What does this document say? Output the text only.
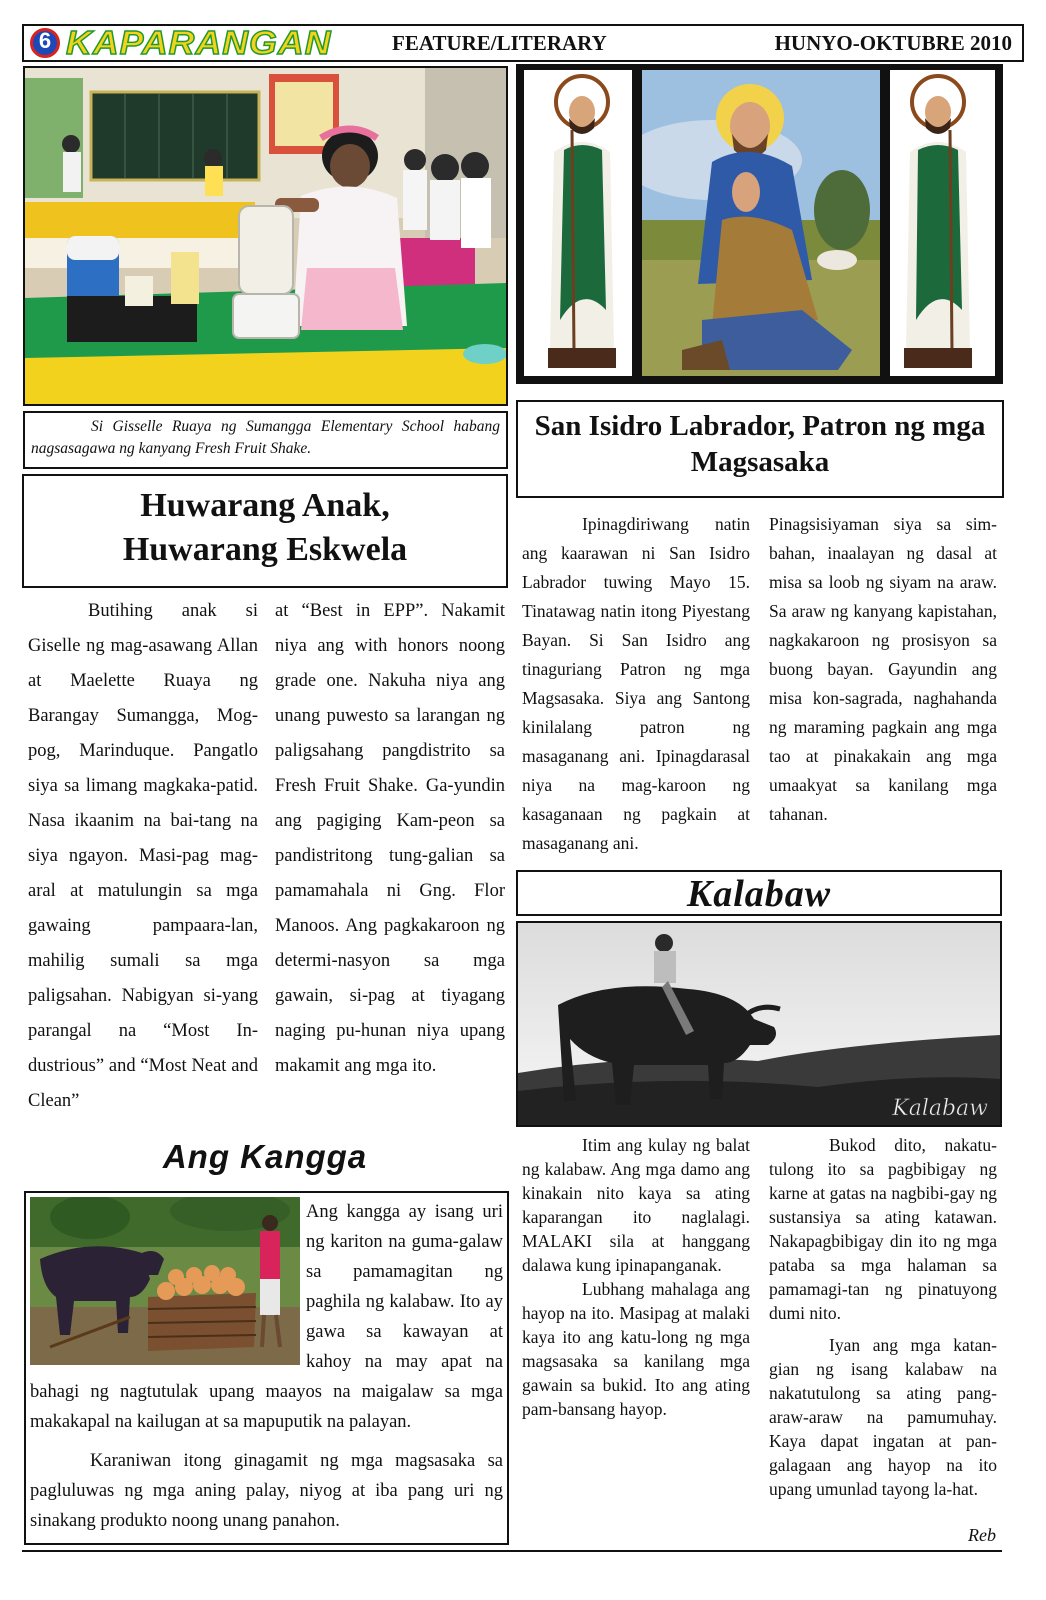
6 KAPARANGAN	FEATURE/LITERARY	HUNYO-OKTUBRE 2010

Si Gisselle Ruaya ng Sumangga Elementary School habang nagsasagawa ng kanyang Fresh Fruit Shake.

Huwarang Anak,
Huwarang Eskwela
Butihing anak si Giselle ng mag-asawang Allan at Maelette Ruaya ng Barangay Sumangga, Mog-pog, Marinduque. Pangatlo siya sa limang magkaka-patid. Nasa ikaanim na bai-tang na siya ngayon. Masi-pag mag-aral at matulungin sa mga gawaing pampaara-lan, mahilig sumali sa mga paligsahan. Nabigyan si-yang parangal na “Most In-dustrious” and “Most Neat and Clean”
at “Best in EPP”. Nakamit niya ang with honors noong grade one. Nakuha niya ang unang puwesto sa larangan ng paligsahang pangdistrito sa Fresh Fruit Shake. Ga-yundin ang pagiging Kam-peon sa pandistritong tung-galian sa pamamahala ni Gng. Flor Manoos. Ang pagkakaroon ng determi-nasyon sa mga gawain, si-pag at tiyagang naging pu-hunan niya upang makamit ang mga ito.
San Isidro Labrador, Patron ng mga Magsasaka
Ipinagdiriwang natin ang kaarawan ni San Isidro Labrador tuwing Mayo 15. Tinatawag natin itong Piyestang Bayan. Si San Isidro ang tinaguriang Patron ng mga Magsasaka. Siya ang Santong kinilalang patron ng masaganang ani. Ipinagdarasal niya na mag-karoon ng kasaganaan ng pagkain at masaganang ani.
Pinagsisiyaman siya sa sim-bahan, inaalayan ng dasal at misa sa loob ng siyam na araw. Sa araw ng kanyang kapistahan, nagkakaroon ng prosisyon sa buong bayan. Gayundin ang misa kon-sagrada, naghahanda ng maraming pagkain ang mga tao at pinakakain ang mga umaakyat sa kanilang mga tahanan.
Kalabaw
Kalabaw

Itim ang kulay ng balat ng kalabaw. Ang mga damo ang kinakain nito kaya sa ating kaparangan ito naglalagi. MALAKI sila at hanggang dalawa kung ipinapanganak.

Lubhang mahalaga ang hayop na ito. Masipag at malaki kaya ito ang katu-long ng mga magsasaka sa kanilang mga gawain sa bukid. Ito ang ating pam-bansang hayop.

Bukod dito, nakatu-tulong ito sa pagbibigay ng karne at gatas na nagbibi-gay ng sustansiya sa ating katawan. Nakapagbibigay din ito ng mga pataba sa mga halaman sa pamamagi-tan ng pinatuyong dumi nito.

Iyan ang mga katan-gian ng isang kalabaw na nakatutulong sa ating pang-araw-araw na pamumuhay. Kaya dapat ingatan at pan-galagaan ang hayop na ito upang umunlad tayong la-hat.

Reb
Ang Kangga
Ang kangga ay isang uri ng kariton na guma-galaw sa pamamagitan ng paghila ng kalabaw. Ito ay gawa sa kawayan at kahoy na may apat na bahagi ng nagtutulak upang maayos na maigalaw sa mga makakapal na kailugan at sa mapuputik na palayan.

Karaniwan itong ginagamit ng mga magsasaka sa pagluluwas ng mga aning palay, niyog at iba pang uri ng sinakang produkto noong unang panahon.
